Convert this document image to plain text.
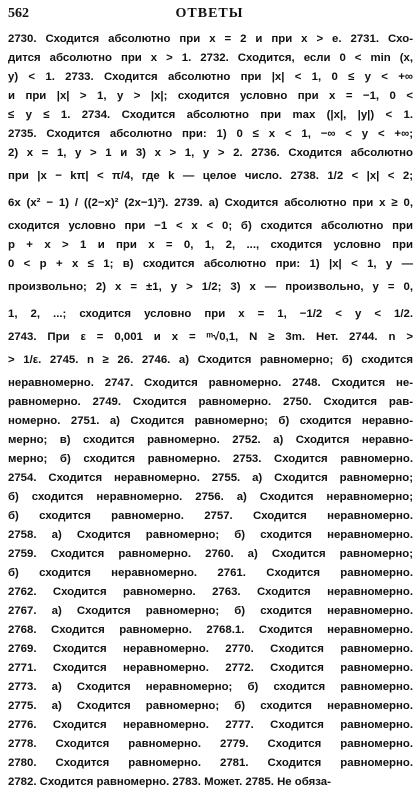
562	ОТВЕТЫ
2730. Сходится абсолютно при x = 2 и при x > e. 2731. Схо-
дится абсолютно при x > 1. 2732. Сходится, если 0 < min (x,
y) < 1. 2733. Сходится абсолютно при |x| < 1, 0 ≤ y < +∞
и при |x| > 1, y > |x|; сходится условно при x = −1, 0 <
≤ y ≤ 1. 2734. Сходится абсолютно при max (|x|, |y|) < 1.
2735. Сходится абсолютно при: 1) 0 ≤ x < 1, −∞ < y < +∞;
2) x = 1, y > 1 и 3) x > 1, y > 2. 2736. Сходится абсолютно
при |x − kπ| < π/4, где k — целое число. 2738. 1/2 < |x| < 2;
6x (x² − 1) / ((2−x)² (2x−1)²). 2739. а) Сходится абсолютно при x ≥ 0,
сходится условно при −1 < x < 0; б) сходится абсолютно при
p + x > 1 и при x = 0, 1, 2, ..., сходится условно при
0 < p + x ≤ 1; в) сходится абсолютно при: 1) |x| < 1, y —
произвольно; 2) x = ±1, y > 1/2; 3) x — произвольно, y = 0,
1, 2, ...; сходится условно при x = 1, −1/2 < y < 1/2.
2743. При ε = 0,001 и x = ᵐ√0,1, N ≥ 3m. Нет. 2744. n >
> 1/ε. 2745. n ≥ 26. 2746. а) Сходится равномерно; б) сходится
неравномерно. 2747. Сходится равномерно. 2748. Сходится не-
равномерно. 2749. Сходится равномерно. 2750. Сходится рав-
номерно. 2751. а) Сходится равномерно; б) сходится неравно-
мерно; в) сходится равномерно. 2752. а) Сходится неравно-
мерно; б) сходится равномерно. 2753. Сходится равномерно.
2754. Сходится неравномерно. 2755. а) Сходится равномерно;
б) сходится неравномерно. 2756. а) Сходится неравномерно;
б) сходится равномерно. 2757. Сходится неравномерно.
2758. а) Сходится равномерно; б) сходится неравномерно.
2759. Сходится равномерно. 2760. а) Сходится равномерно;
б) сходится неравномерно. 2761. Сходится равномерно.
2762. Сходится равномерно. 2763. Сходится неравномерно.
2767. а) Сходится равномерно; б) сходится неравномерно.
2768. Сходится равномерно. 2768.1. Сходится неравномерно.
2769. Сходится неравномерно. 2770. Сходится равномерно.
2771. Сходится неравномерно. 2772. Сходится равномерно.
2773. а) Сходится неравномерно; б) сходится равномерно.
2775. а) Сходится равномерно; б) сходится неравномерно.
2776. Сходится неравномерно. 2777. Сходится равномерно.
2778. Сходится равномерно. 2779. Сходится равномерно.
2780. Сходится равномерно. 2781. Сходится равномерно.
2782. Сходится равномерно. 2783. Может. 2785. Не обяза-
